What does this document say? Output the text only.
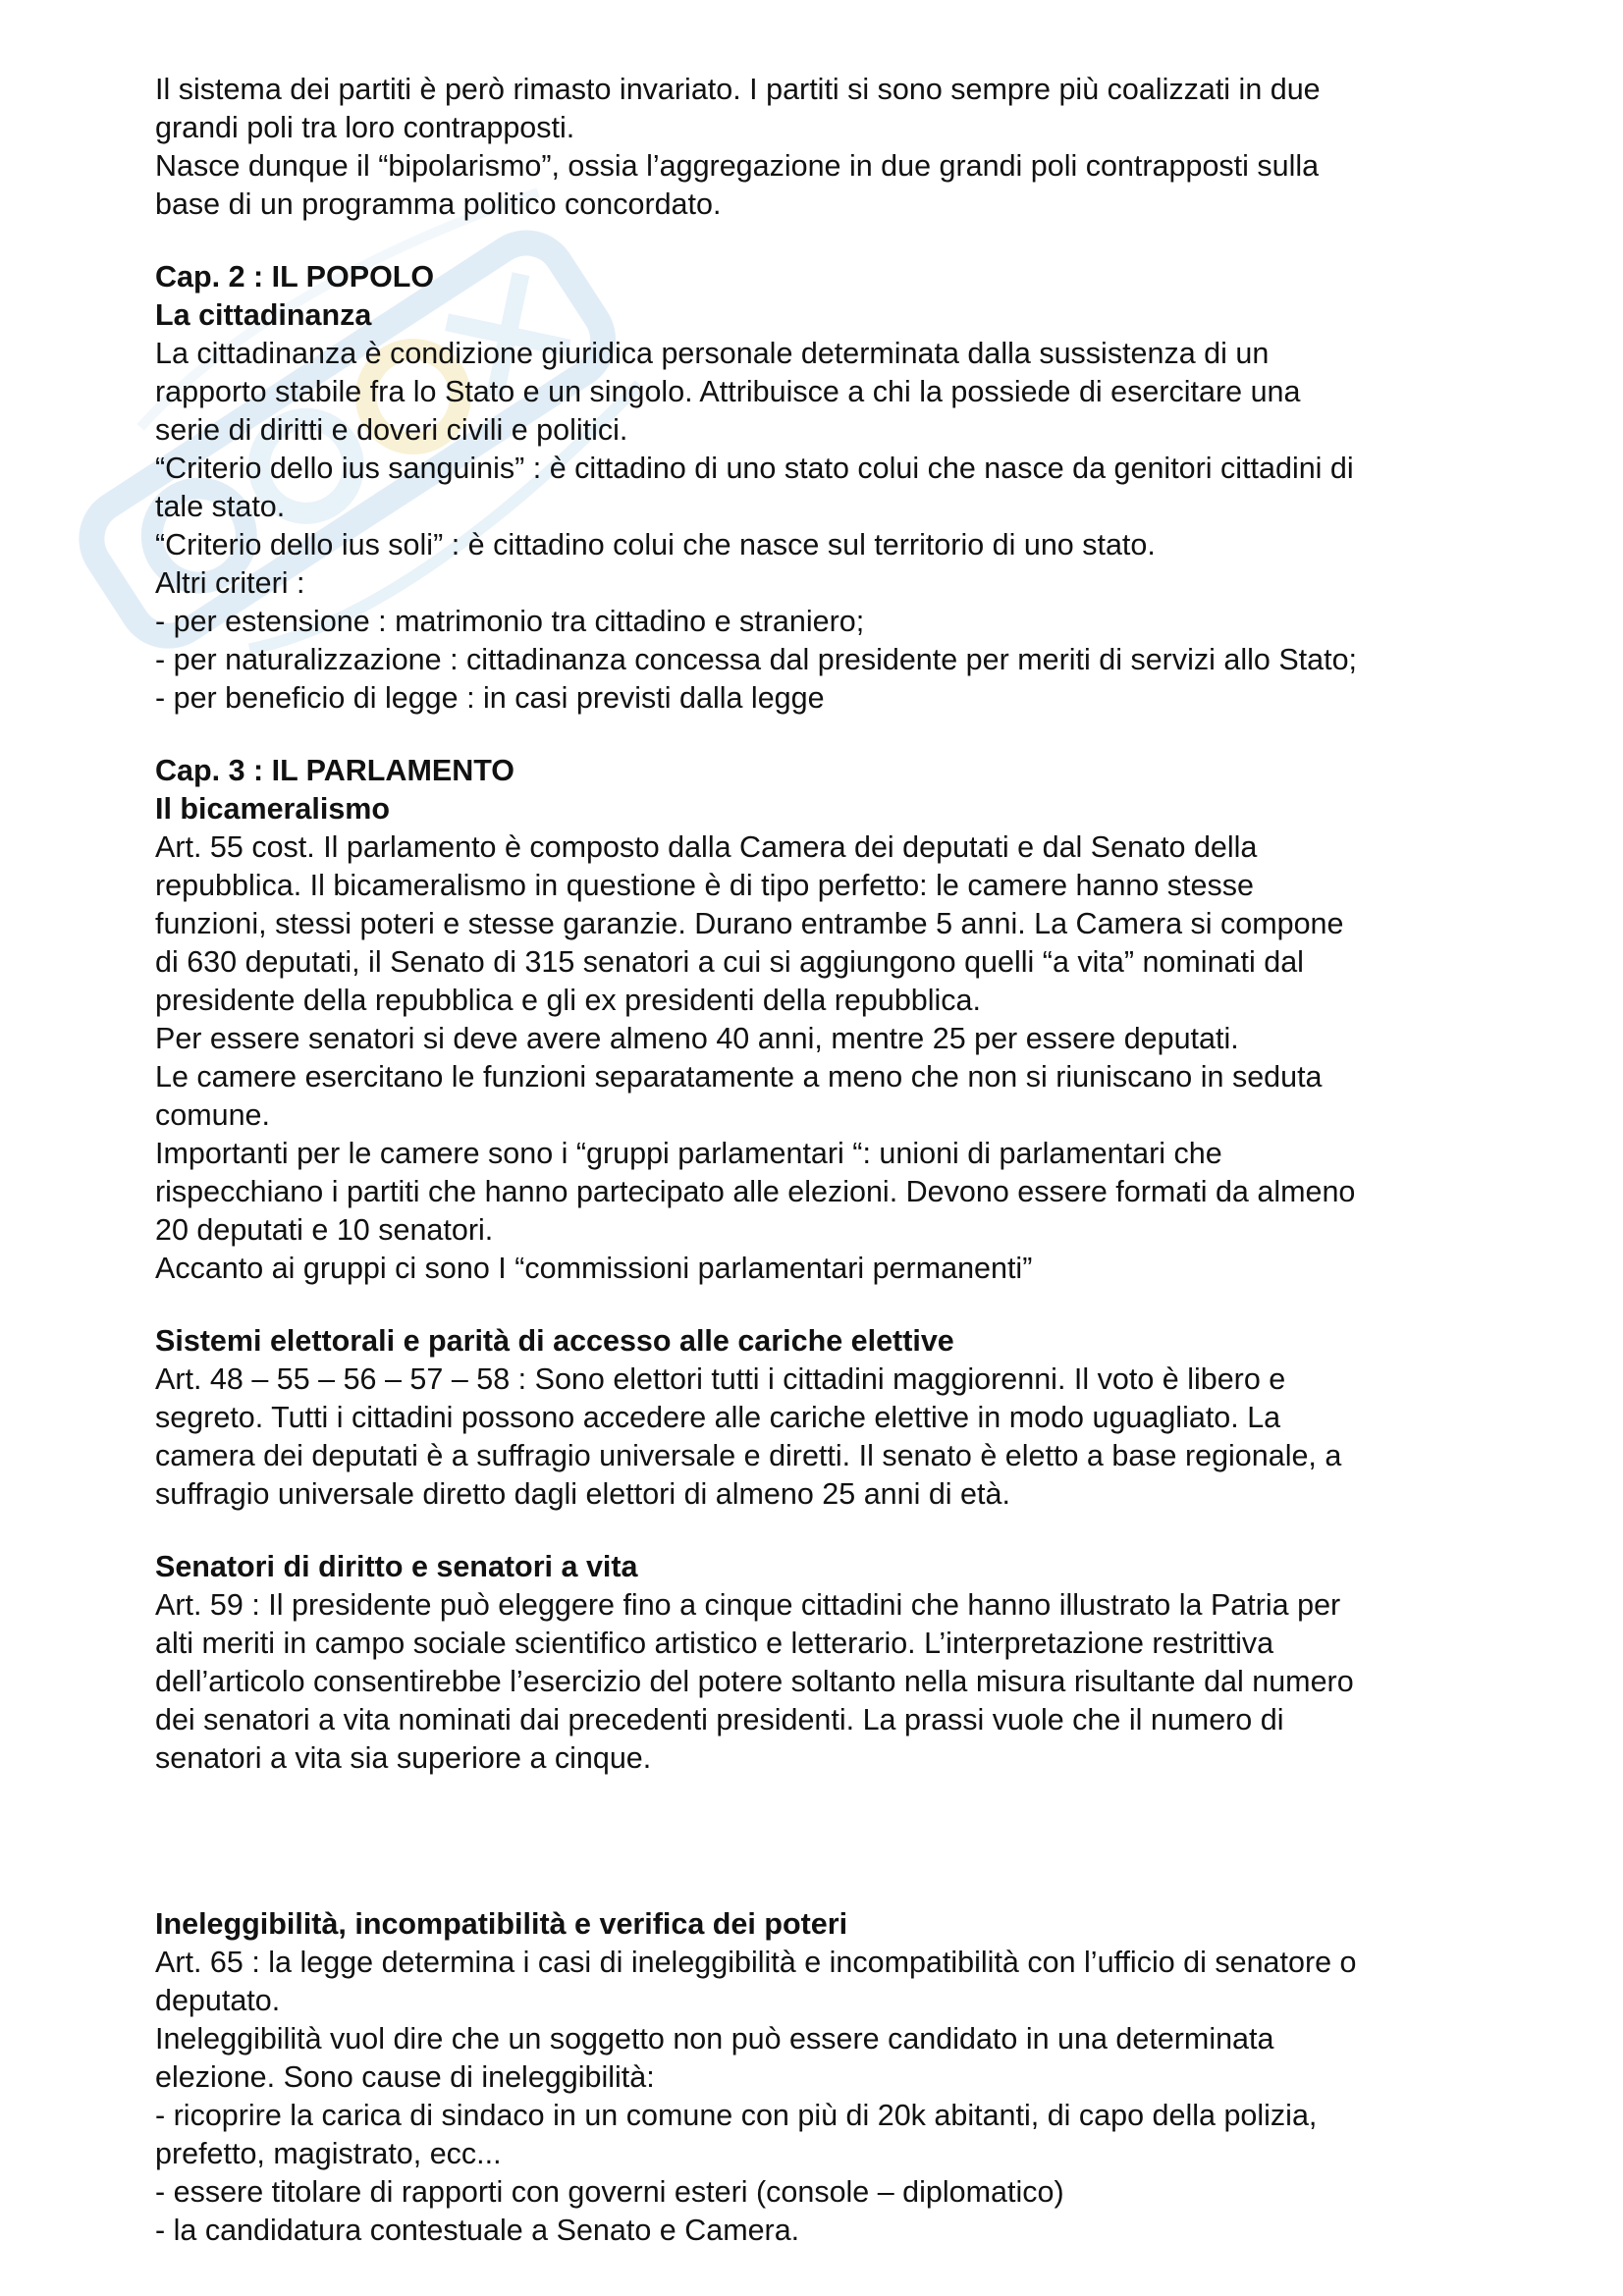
Il sistema dei partiti è però rimasto invariato. I partiti si sono sempre più coalizzati in due

grandi poli tra loro contrapposti.

Nasce dunque il “bipolarismo”, ossia l’aggregazione in due grandi poli contrapposti sulla

base di un programma politico concordato.

Cap. 2 : IL POPOLO

La cittadinanza

La cittadinanza è condizione giuridica personale determinata dalla sussistenza di un

rapporto stabile fra lo Stato e un singolo. Attribuisce a chi la possiede di esercitare una

serie di diritti e doveri civili e politici.

“Criterio dello ius sanguinis” : è cittadino di uno stato colui che nasce da genitori cittadini di

tale stato.

“Criterio dello ius soli” : è cittadino colui che nasce sul territorio di uno stato.

Altri criteri :

- per estensione : matrimonio tra cittadino e straniero;

- per naturalizzazione : cittadinanza concessa dal presidente per meriti di servizi allo Stato;

- per beneficio di legge : in casi previsti dalla legge

Cap. 3 : IL PARLAMENTO

Il bicameralismo

Art. 55 cost. Il parlamento è composto dalla Camera dei deputati e dal Senato della

repubblica. Il bicameralismo in questione è di tipo perfetto: le camere hanno stesse

funzioni, stessi poteri e stesse garanzie. Durano entrambe 5 anni. La Camera si compone

di 630 deputati, il Senato di 315 senatori a cui si aggiungono quelli “a vita” nominati dal

presidente della repubblica e gli ex presidenti della repubblica.

Per essere senatori si deve avere almeno 40 anni, mentre 25 per essere deputati.

Le camere esercitano le funzioni separatamente a meno che non si riuniscano in seduta

comune.

Importanti per le camere sono i “gruppi parlamentari “: unioni di parlamentari che

rispecchiano i partiti che hanno partecipato alle elezioni. Devono essere formati da almeno

20 deputati e 10 senatori.

Accanto ai gruppi ci sono I “commissioni parlamentari permanenti”

Sistemi elettorali e parità di accesso alle cariche elettive

Art. 48 – 55 – 56 – 57 – 58 : Sono elettori tutti i cittadini maggiorenni. Il voto è libero e

segreto. Tutti i cittadini possono accedere alle cariche elettive in modo uguagliato. La

camera dei deputati è a suffragio universale e diretti. Il senato è eletto a base regionale, a

suffragio universale diretto dagli elettori di almeno 25 anni di età.

Senatori di diritto e senatori a vita

Art. 59 : Il presidente può eleggere fino a cinque cittadini che hanno illustrato la Patria per

alti meriti in campo sociale scientifico artistico e letterario. L’interpretazione restrittiva

dell’articolo consentirebbe l’esercizio del potere soltanto nella misura risultante dal numero

dei senatori a vita nominati dai precedenti presidenti. La prassi vuole che il numero di

senatori a vita sia superiore a cinque.

Ineleggibilità, incompatibilità e verifica dei poteri

Art. 65 : la legge determina i casi di ineleggibilità e incompatibilità con l’ufficio di senatore o

deputato.

Ineleggibilità vuol dire che un soggetto non può essere candidato in una determinata

elezione. Sono cause di ineleggibilità:

- ricoprire la carica di sindaco in un comune con più di 20k abitanti, di capo della polizia,

prefetto, magistrato, ecc...

- essere titolare di rapporti con governi esteri (console – diplomatico)

- la candidatura contestuale a Senato e Camera.
